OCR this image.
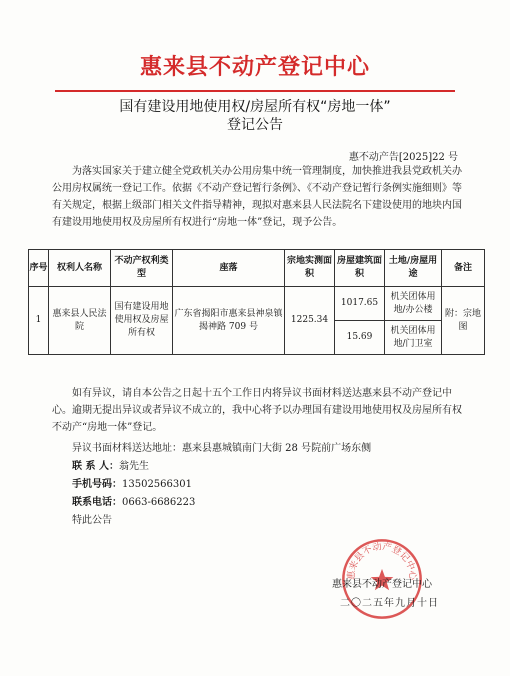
惠来县不动产登记中心
国有建设用地使用权/房屋所有权“房地一体”
登记公告
惠不动产告[2025]22 号
为落实国家关于建立健全党政机关办公用房集中统一管理制度，加快推进我县党政机关办公用房权属统一登记工作。依据《不动产登记暂行条例》、《不动产登记暂行条例实施细则》等有关规定，根据上级部门相关文件指导精神，现拟对惠来县人民法院名下建设使用的地块内国有建设用地使用权及房屋所有权进行“房地一体”登记，现予公告。
序号	权利人名称	不动产权利类型	座落	宗地实测面积	房屋建筑面积	土地/房屋用途	备注
1	惠来县人民法院	国有建设用地使用权及房屋所有权	广东省揭阳市惠来县神泉镇揭神路 709 号	1225.34	1017.65	机关团体用地/办公楼	附：宗地图
					15.69	机关团体用地/门卫室	
如有异议，请自本公告之日起十五个工作日内将异议书面材料送达惠来县不动产登记中心。逾期无提出异议或者异议不成立的，我中心将予以办理国有建设用地使用权及房屋所有权不动产“房地一体”登记。
异议书面材料送达地址：惠来县惠城镇南门大街 28 号院前广场东侧
联 系 人：翁先生
手机号码：13502566301
联系电话：0663-6686223
特此公告
惠来县不动产登记中心
惠来县不动产登记中心
二〇二五年九月十日
